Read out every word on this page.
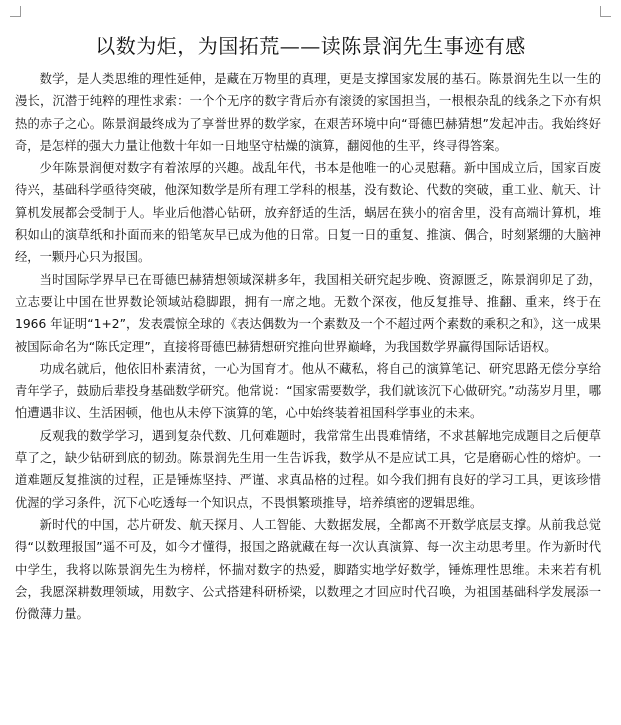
以数为炬，为国拓荒——读陈景润先生事迹有感

数学，是人类思维的理性延伸，是藏在万物里的真理，更是支撑国家发展的基石。陈景润先生以一生的漫长，沉潜于纯粹的理性求索：一个个无序的数字背后亦有滚烫的家国担当，一根根杂乱的线条之下亦有炽热的赤子之心。陈景润最终成为了享誉世界的数学家，在艰苦环境中向“哥德巴赫猜想”发起冲击。我始终好奇，是怎样的强大力量让他数十年如一日地坚守枯燥的演算，翻阅他的生平，终寻得答案。

少年陈景润便对数字有着浓厚的兴趣。战乱年代，书本是他唯一的心灵慰藉。新中国成立后，国家百废待兴，基础科学亟待突破，他深知数学是所有理工学科的根基，没有数论、代数的突破，重工业、航天、计算机发展都会受制于人。毕业后他潜心钻研，放弃舒适的生活，蜗居在狭小的宿舍里，没有高端计算机，堆积如山的演草纸和扑面而来的铅笔灰早已成为他的日常。日复一日的重复、推演、偶合，时刻紧绷的大脑神经，一颗丹心只为报国。

当时国际学界早已在哥德巴赫猜想领域深耕多年，我国相关研究起步晚、资源匮乏，陈景润卯足了劲，立志要让中国在世界数论领域站稳脚跟，拥有一席之地。无数个深夜，他反复推导、推翻、重来，终于在 1966 年证明“1+2”，发表震惊全球的《表达偶数为一个素数及一个不超过两个素数的乘积之和》，这一成果被国际命名为“陈氏定理”，直接将哥德巴赫猜想研究推向世界巅峰，为我国数学界赢得国际话语权。

功成名就后，他依旧朴素清贫，一心为国育才。他从不藏私，将自己的演算笔记、研究思路无偿分享给青年学子，鼓励后辈投身基础数学研究。他常说：“国家需要数学，我们就该沉下心做研究。”动荡岁月里，哪怕遭遇非议、生活困顿，他也从未停下演算的笔，心中始终装着祖国科学事业的未来。

反观我的数学学习，遇到复杂代数、几何难题时，我常常生出畏难情绪，不求甚解地完成题目之后便草草了之，缺少钻研到底的韧劲。陈景润先生用一生告诉我，数学从不是应试工具，它是磨砺心性的熔炉。一道难题反复推演的过程，正是锤炼坚持、严谨、求真品格的过程。如今我们拥有良好的学习工具，更该珍惜优渥的学习条件，沉下心吃透每一个知识点，不畏惧繁琐推导，培养缜密的逻辑思维。

新时代的中国，芯片研发、航天探月、人工智能、大数据发展，全都离不开数学底层支撑。从前我总觉得“以数理报国”遥不可及，如今才懂得，报国之路就藏在每一次认真演算、每一次主动思考里。作为新时代中学生，我将以陈景润先生为榜样，怀揣对数字的热爱，脚踏实地学好数学，锤炼理性思维。未来若有机会，我愿深耕数理领域，用数字、公式搭建科研桥梁，以数理之才回应时代召唤，为祖国基础科学发展添一份微薄力量。
